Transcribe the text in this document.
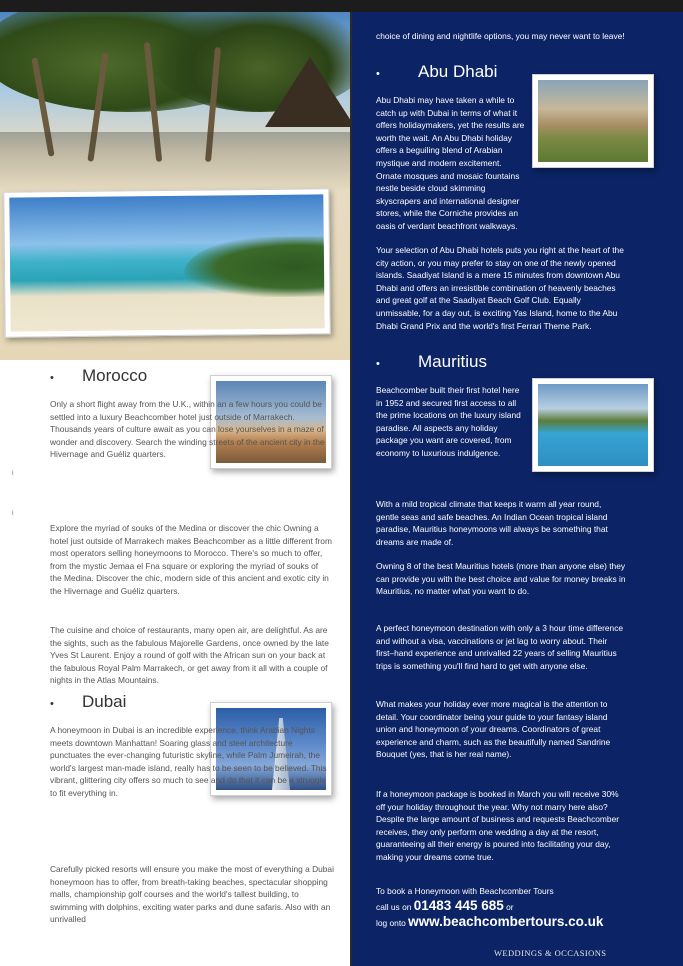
• Morocco
Only a short flight away from the U.K., within an a few hours you could be settled into a luxury Beachcomber hotel just outside of Marrakech. Thousands years of culture await as you can lose yourselves in a maze of wonder and discovery. Search the winding streets of the ancient city in the Hivernage and Guéliz quarters.
i
i
Explore the myriad of souks of the Medina or discover the chic Owning a hotel just outside of Marrakech makes Beachcomber as a little different from most operators selling honeymoons to Morocco. There's so much to offer, from the mystic Jemaa el Fna square or exploring the myriad of souks of the Medina. Discover the chic, modern side of this ancient and exotic city in the Hivernage and Guéliz quarters.
The cuisine and choice of restaurants, many open air, are delightful. As are the sights, such as the fabulous Majorelle Gardens, once owned by the late Yves St Laurent. Enjoy a round of golf with the African sun on your back at the fabulous Royal Palm Marrakech, or get away from it all with a couple of nights in the Atlas Mountains.
• Dubai
A honeymoon in Dubai is an incredible experience, think Arabian Nights meets downtown Manhattan! Soaring glass and steel architecture punctuates the ever-changing futuristic skyline, while Palm Jumeirah, the world's largest man-made island, really has to be seen to be believed. This vibrant, glittering city offers so much to see and do that it can be a struggle to fit everything in.
Carefully picked resorts will ensure you make the most of everything a Dubai honeymoon has to offer, from breath-taking beaches, spectacular shopping malls, championship golf courses and the world's tallest building, to swimming with dolphins, exciting water parks and dune safaris. Also with an unrivalled
choice of dining and nightlife options, you may never want to leave!
• Abu Dhabi
Abu Dhabi may have taken a while to catch up with Dubai in terms of what it offers holidaymakers, yet the results are worth the wait. An Abu Dhabi holiday offers a beguiling blend of Arabian mystique and modern excitement. Ornate mosques and mosaic fountains nestle beside cloud skimming skyscrapers and international designer stores, while the Corniche provides an oasis of verdant beachfront walkways.
Your selection of Abu Dhabi hotels puts you right at the heart of the city action, or you may prefer to stay on one of the newly opened islands. Saadiyat Island is a mere 15 minutes from downtown Abu Dhabi and offers an irresistible combination of heavenly beaches and great golf at the Saadiyat Beach Golf Club. Equally unmissable, for a day out, is exciting Yas Island, home to the Abu Dhabi Grand Prix and the world's first Ferrari Theme Park.
• Mauritius
Beachcomber built their first hotel here in 1952 and secured first access to all the prime locations on the luxury island paradise. All aspects any holiday package you want are covered, from economy to luxurious indulgence.
With a mild tropical climate that keeps it warm all year round, gentle seas and safe beaches. An Indian Ocean tropical island paradise, Mauritius honeymoons will always be something that dreams are made of.
Owning 8 of the best Mauritius hotels (more than anyone else) they can provide you with the best choice and value for money breaks in Mauritius, no matter what you want to do.
A perfect honeymoon destination with only a 3 hour time difference and without a visa, vaccinations or jet lag to worry about. Their first–hand experience and unrivalled 22 years of selling Mauritius trips is something you'll find hard to get with anyone else.
What makes your holiday ever more magical is the attention to detail. Your coordinator being your guide to your fantasy island union and honeymoon of your dreams. Coordinators of great experience and charm, such as the beautifully named Sandrine Bouquet (yes, that is her real name).
If a honeymoon package is booked in March you will receive 30% off your holiday throughout the year. Why not marry here also? Despite the large amount of business and requests Beachcomber receives, they only perform one wedding a day at the resort, guaranteeing all their energy is poured into facilitating your day, making your dreams come true.
To book a Honeymoon with Beachcomber Tours
call us on 01483 445 685 or
log onto www.beachcombertours.co.uk
WEDDINGS & OCCASIONS
